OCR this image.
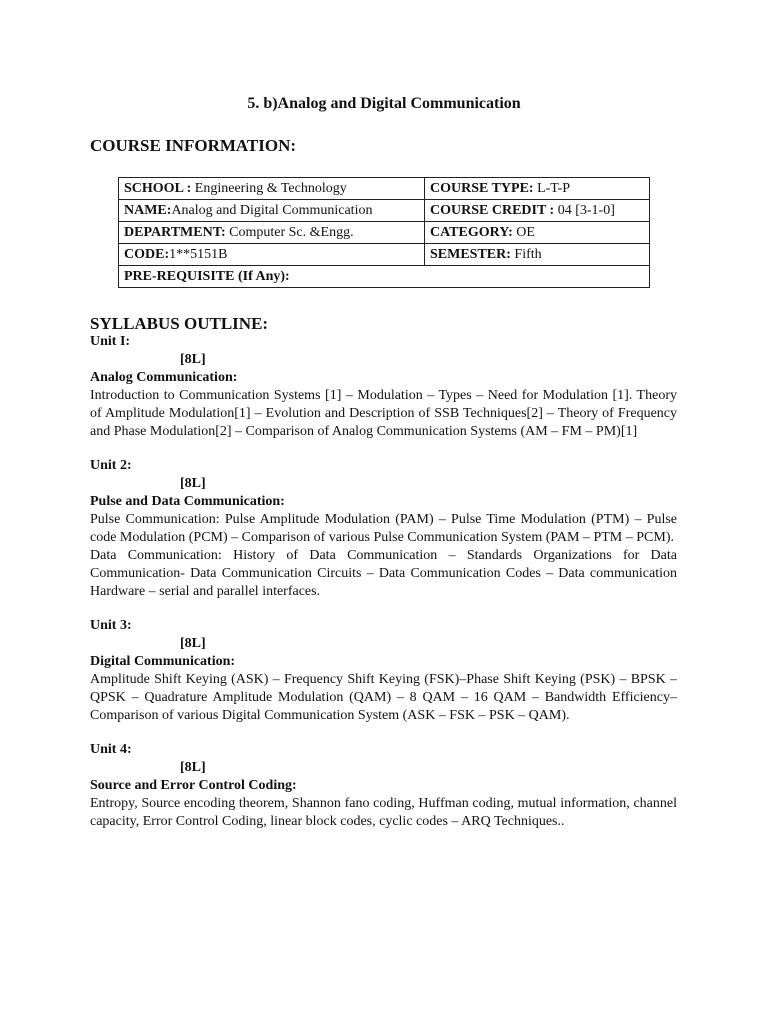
5. b)Analog and Digital Communication
COURSE INFORMATION:
SCHOOL : Engineering & Technology	COURSE TYPE: L-T-P
NAME:Analog and Digital Communication	COURSE CREDIT : 04 [3-1-0]
DEPARTMENT: Computer Sc. &Engg.	CATEGORY: OE
CODE:1**5151B	SEMESTER: Fifth
PRE-REQUISITE (If Any):	
SYLLABUS OUTLINE:
Unit I:
[8L]
Analog Communication:
Introduction to Communication Systems [1] – Modulation – Types – Need for Modulation [1]. Theory of Amplitude Modulation[1] – Evolution and Description of SSB Techniques[2] – Theory of Frequency and Phase Modulation[2] – Comparison of Analog Communication Systems (AM – FM – PM)[1]
Unit 2:
[8L]
Pulse and Data Communication:
Pulse Communication: Pulse Amplitude Modulation (PAM) – Pulse Time Modulation (PTM) – Pulse code Modulation (PCM) – Comparison of various Pulse Communication System (PAM – PTM – PCM).
Data Communication: History of Data Communication – Standards Organizations for Data Communication- Data Communication Circuits – Data Communication Codes – Data communication Hardware – serial and parallel interfaces.
Unit 3:
[8L]
Digital Communication:
Amplitude Shift Keying (ASK) – Frequency Shift Keying (FSK)–Phase Shift Keying (PSK) – BPSK – QPSK – Quadrature Amplitude Modulation (QAM) – 8 QAM – 16 QAM – Bandwidth Efficiency– Comparison of various Digital Communication System (ASK – FSK – PSK – QAM).
Unit 4:
[8L]
Source and Error Control Coding:
Entropy, Source encoding theorem, Shannon fano coding, Huffman coding, mutual information, channel capacity, Error Control Coding, linear block codes, cyclic codes – ARQ Techniques..
